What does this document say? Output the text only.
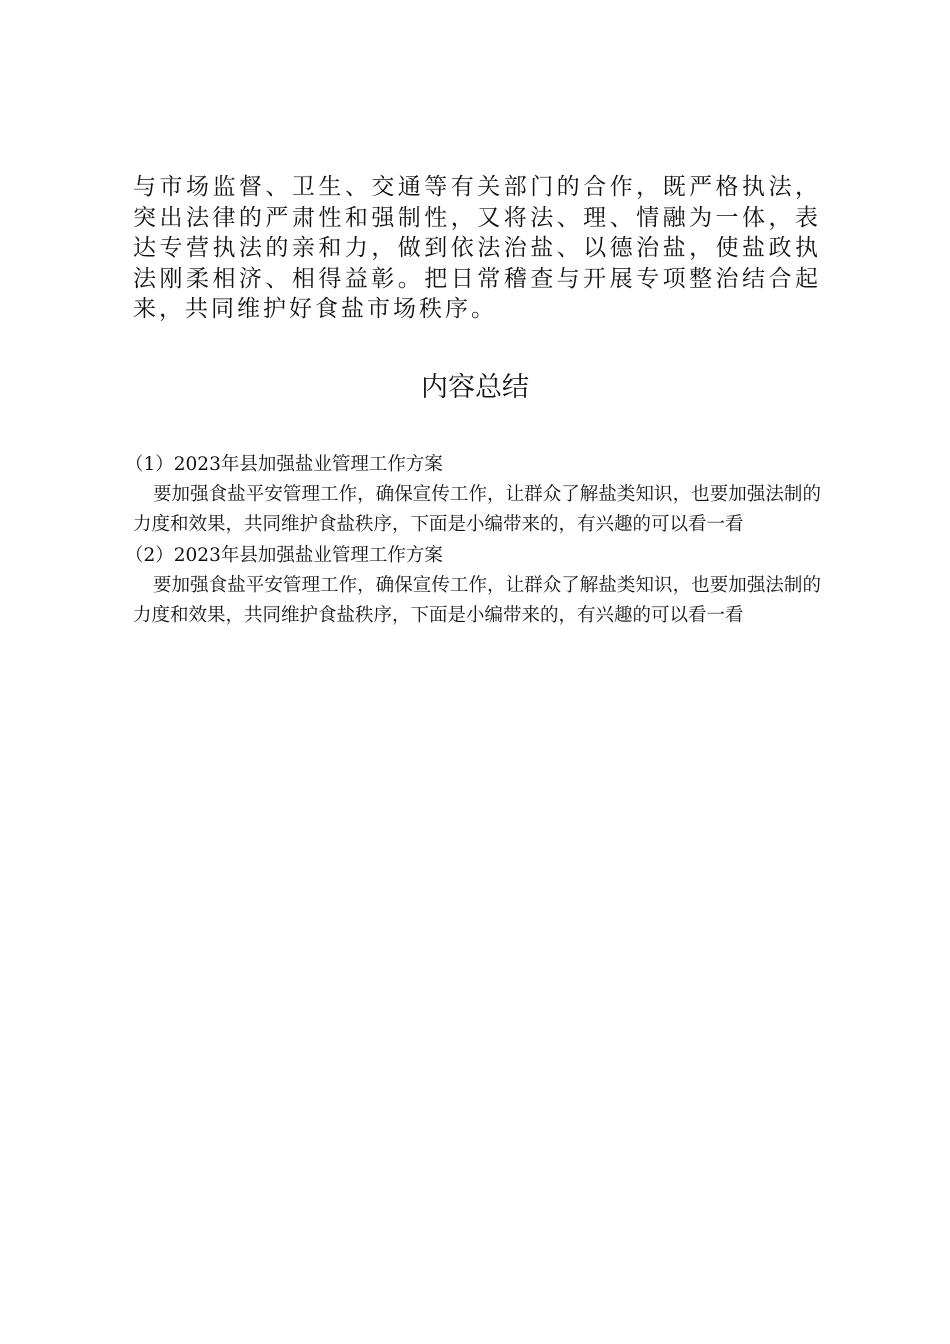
与市场监督、卫生、交通等有关部门的合作，既严格执法，突出法律的严肃性和强制性，又将法、理、情融为一体，表达专营执法的亲和力，做到依法治盐、以德治盐，使盐政执法刚柔相济、相得益彰。把日常稽查与开展专项整治结合起来，共同维护好食盐市场秩序。

内容总结

（1）2023年县加强盐业管理工作方案

要加强食盐平安管理工作，确保宣传工作，让群众了解盐类知识，也要加强法制的力度和效果，共同维护食盐秩序，下面是小编带来的，有兴趣的可以看一看

（2）2023年县加强盐业管理工作方案

要加强食盐平安管理工作，确保宣传工作，让群众了解盐类知识，也要加强法制的力度和效果，共同维护食盐秩序，下面是小编带来的，有兴趣的可以看一看
